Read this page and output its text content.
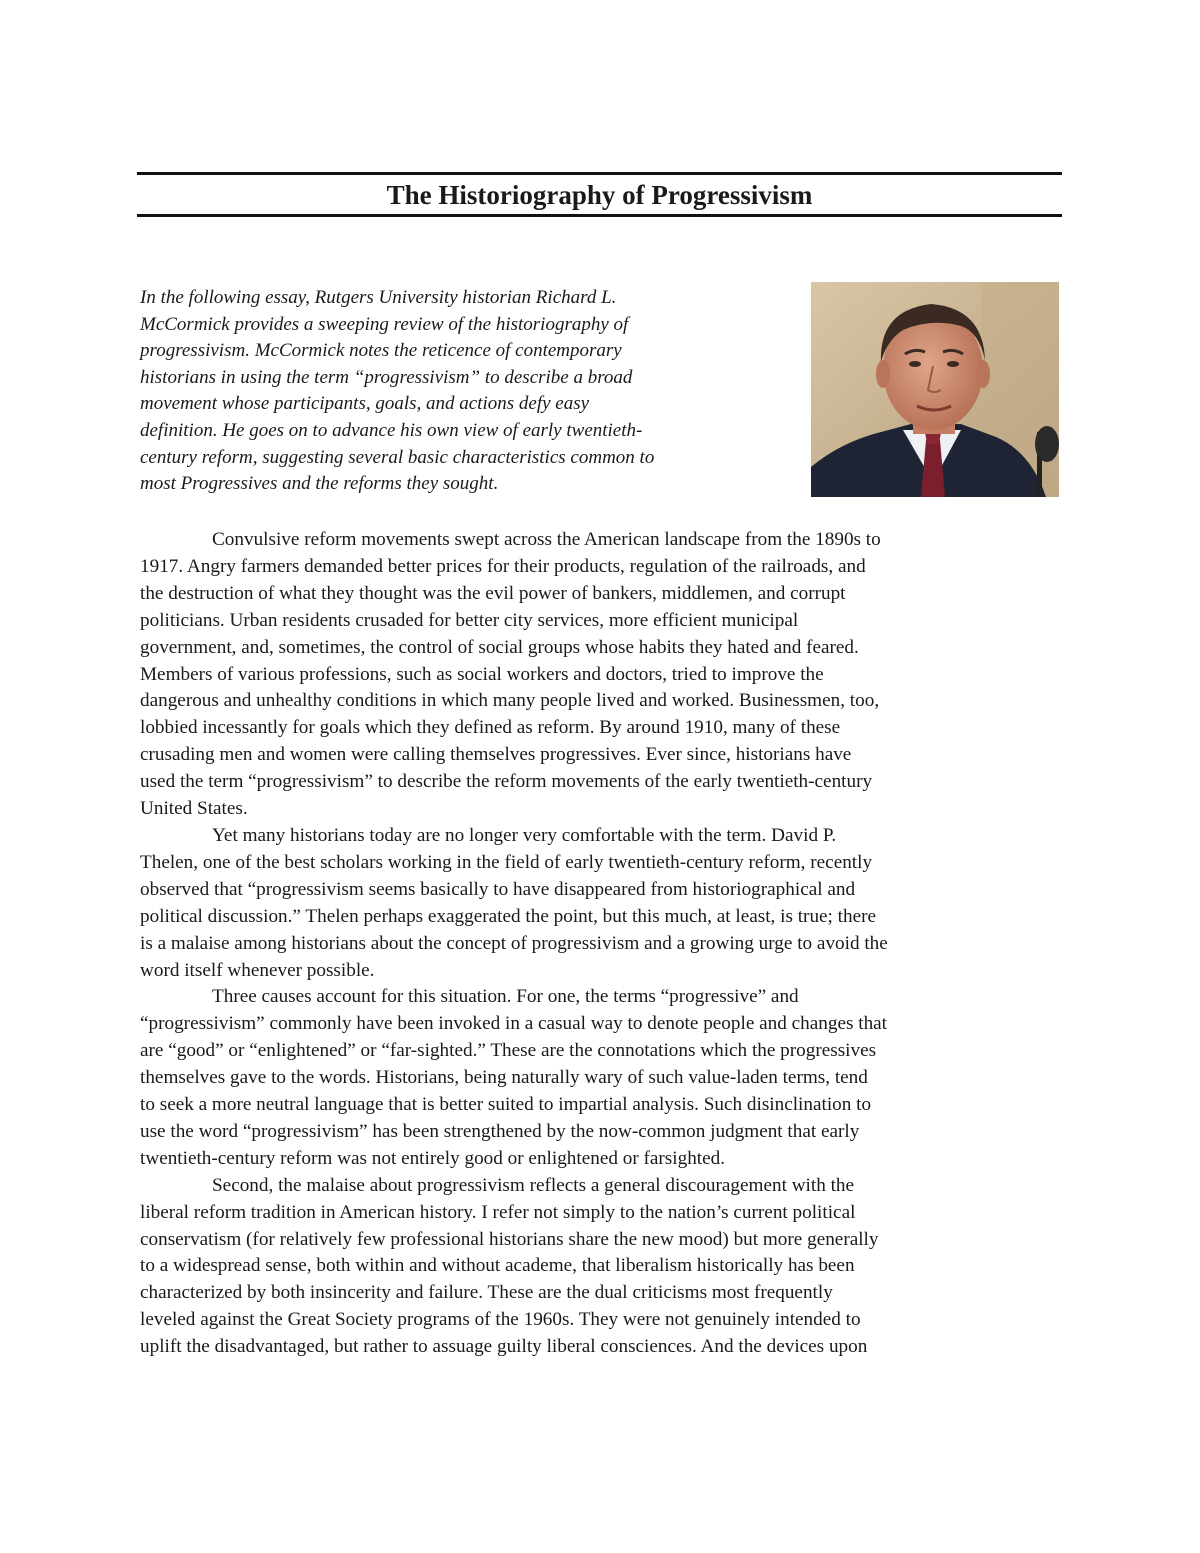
The Historiography of Progressivism
In the following essay, Rutgers University historian Richard L.
McCormick provides a sweeping review of the historiography of
progressivism. McCormick notes the reticence of contemporary
historians in using the term “progressivism” to describe a broad
movement whose participants, goals, and actions defy easy
definition. He goes on to advance his own view of early twentieth-
century reform, suggesting several basic characteristics common to
most Progressives and the reforms they sought.
Convulsive reform movements swept across the American landscape from the 1890s to
1917. Angry farmers demanded better prices for their products, regulation of the railroads, and
the destruction of what they thought was the evil power of bankers, middlemen, and corrupt
politicians. Urban residents crusaded for better city services, more efficient municipal
government, and, sometimes, the control of social groups whose habits they hated and feared.
Members of various professions, such as social workers and doctors, tried to improve the
dangerous and unhealthy conditions in which many people lived and worked. Businessmen, too,
lobbied incessantly for goals which they defined as reform. By around 1910, many of these
crusading men and women were calling themselves progressives. Ever since, historians have
used the term “progressivism” to describe the reform movements of the early twentieth-century
United States.
Yet many historians today are no longer very comfortable with the term. David P.
Thelen, one of the best scholars working in the field of early twentieth-century reform, recently
observed that “progressivism seems basically to have disappeared from historiographical and
political discussion.” Thelen perhaps exaggerated the point, but this much, at least, is true; there
is a malaise among historians about the concept of progressivism and a growing urge to avoid the
word itself whenever possible.
Three causes account for this situation. For one, the terms “progressive” and
“progressivism” commonly have been invoked in a casual way to denote people and changes that
are “good” or “enlightened” or “far-sighted.” These are the connotations which the progressives
themselves gave to the words. Historians, being naturally wary of such value-laden terms, tend
to seek a more neutral language that is better suited to impartial analysis. Such disinclination to
use the word “progressivism” has been strengthened by the now-common judgment that early
twentieth-century reform was not entirely good or enlightened or farsighted.
Second, the malaise about progressivism reflects a general discouragement with the
liberal reform tradition in American history. I refer not simply to the nation’s current political
conservatism (for relatively few professional historians share the new mood) but more generally
to a widespread sense, both within and without academe, that liberalism historically has been
characterized by both insincerity and failure. These are the dual criticisms most frequently
leveled against the Great Society programs of the 1960s. They were not genuinely intended to
uplift the disadvantaged, but rather to assuage guilty liberal consciences. And the devices upon
